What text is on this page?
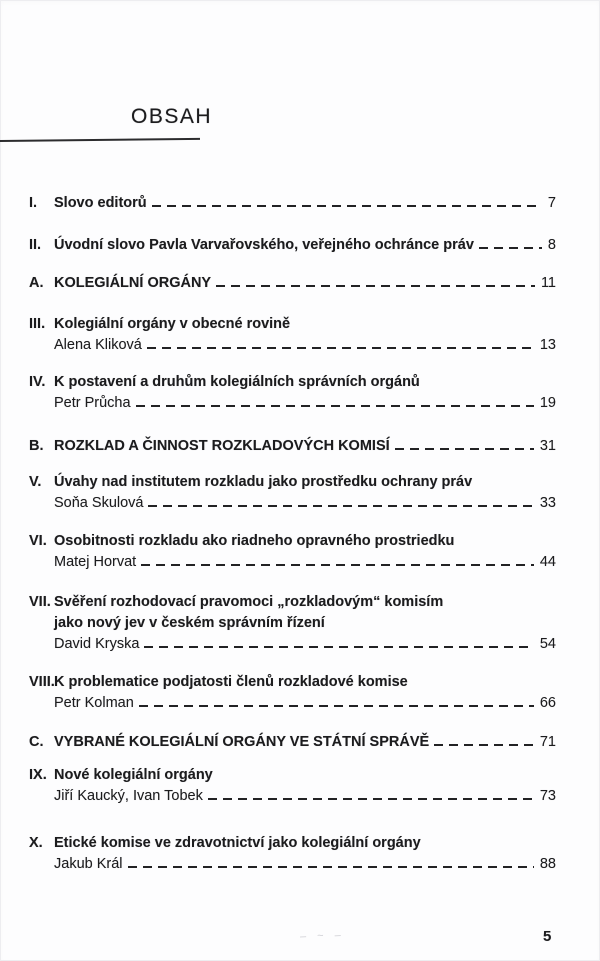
OBSAH
I. Slovo editorů	7
II. Úvodní slovo Pavla Varvařovského, veřejného ochránce práv	8
A. KOLEGIÁLNÍ ORGÁNY	11
III. Kolegiální orgány v obecné rovině
Alena Kliková	13
IV. K postavení a druhům kolegiálních správních orgánů
Petr Průcha	19
B. ROZKLAD A ČINNOST ROZKLADOVÝCH KOMISÍ	31
V. Úvahy nad institutem rozkladu jako prostředku ochrany práv
Soňa Skulová	33
VI. Osobitnosti rozkladu ako riadneho opravného prostriedku
Matej Horvat	44
VII. Svěření rozhodovací pravomoci „rozkladovým“ komisím
jako nový jev v českém správním řízení
David Kryska	54
VIII. K problematice podjatosti členů rozkladové komise
Petr Kolman	66
C. VYBRANÉ KOLEGIÁLNÍ ORGÁNY VE STÁTNÍ SPRÁVĚ	71
IX. Nové kolegiální orgány
Jiří Kaucký, Ivan Tobek	73
X. Etické komise ve zdravotnictví jako kolegiální orgány
Jakub Král	88
– ~ –	5
